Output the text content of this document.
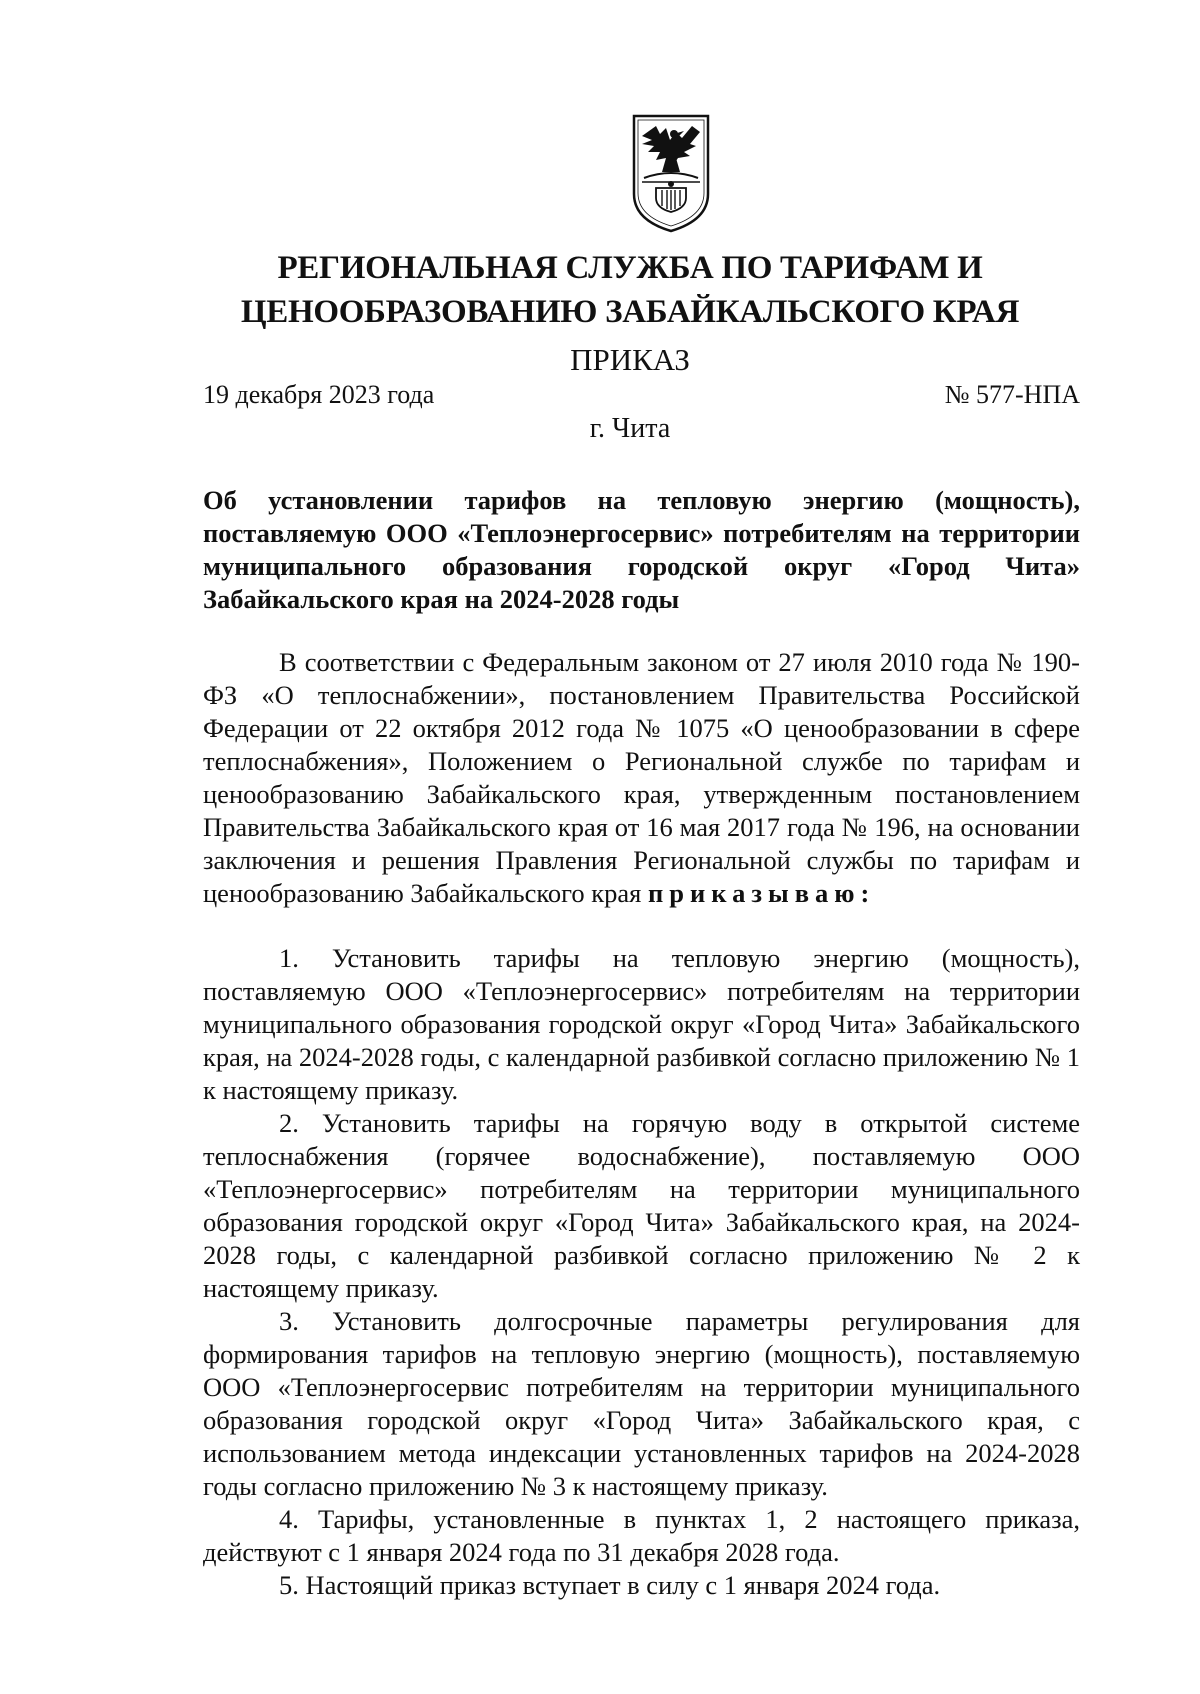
РЕГИОНАЛЬНАЯ СЛУЖБА ПО ТАРИФАМ И
ЦЕНООБРАЗОВАНИЮ ЗАБАЙКАЛЬСКОГО КРАЯ
ПРИКАЗ
19 декабря 2023 года	№ 577-НПА
г. Чита
Об установлении тарифов на тепловую энергию (мощность), поставляемую ООО «Теплоэнергосервис» потребителям на территории муниципального образования городской округ «Город Чита» Забайкальского края на 2024-2028 годы

В соответствии с Федеральным законом от 27 июля 2010 года № 190-ФЗ «О теплоснабжении», постановлением Правительства Российской Федерации от 22 октября 2012 года № 1075 «О ценообразовании в сфере теплоснабжения», Положением о Региональной службе по тарифам и ценообразованию Забайкальского края, утвержденным постановлением Правительства Забайкальского края от 16 мая 2017 года № 196, на основании заключения и решения Правления Региональной службы по тарифам и ценообразованию Забайкальского края приказываю:

1. Установить тарифы на тепловую энергию (мощность), поставляемую ООО «Теплоэнергосервис» потребителям на территории муниципального образования городской округ «Город Чита» Забайкальского края, на 2024-2028 годы, с календарной разбивкой согласно приложению № 1 к настоящему приказу.

2. Установить тарифы на горячую воду в открытой системе теплоснабжения (горячее водоснабжение), поставляемую ООО «Теплоэнергосервис» потребителям на территории муниципального образования городской округ «Город Чита» Забайкальского края, на 2024-2028 годы, с календарной разбивкой согласно приложению № 2 к настоящему приказу.

3. Установить долгосрочные параметры регулирования для формирования тарифов на тепловую энергию (мощность), поставляемую ООО «Теплоэнергосервис потребителям на территории муниципального образования городской округ «Город Чита» Забайкальского края, с использованием метода индексации установленных тарифов на 2024-2028 годы согласно приложению № 3 к настоящему приказу.

4. Тарифы, установленные в пунктах 1, 2 настоящего приказа, действуют с 1 января 2024 года по 31 декабря 2028 года.

5. Настоящий приказ вступает в силу с 1 января 2024 года.
